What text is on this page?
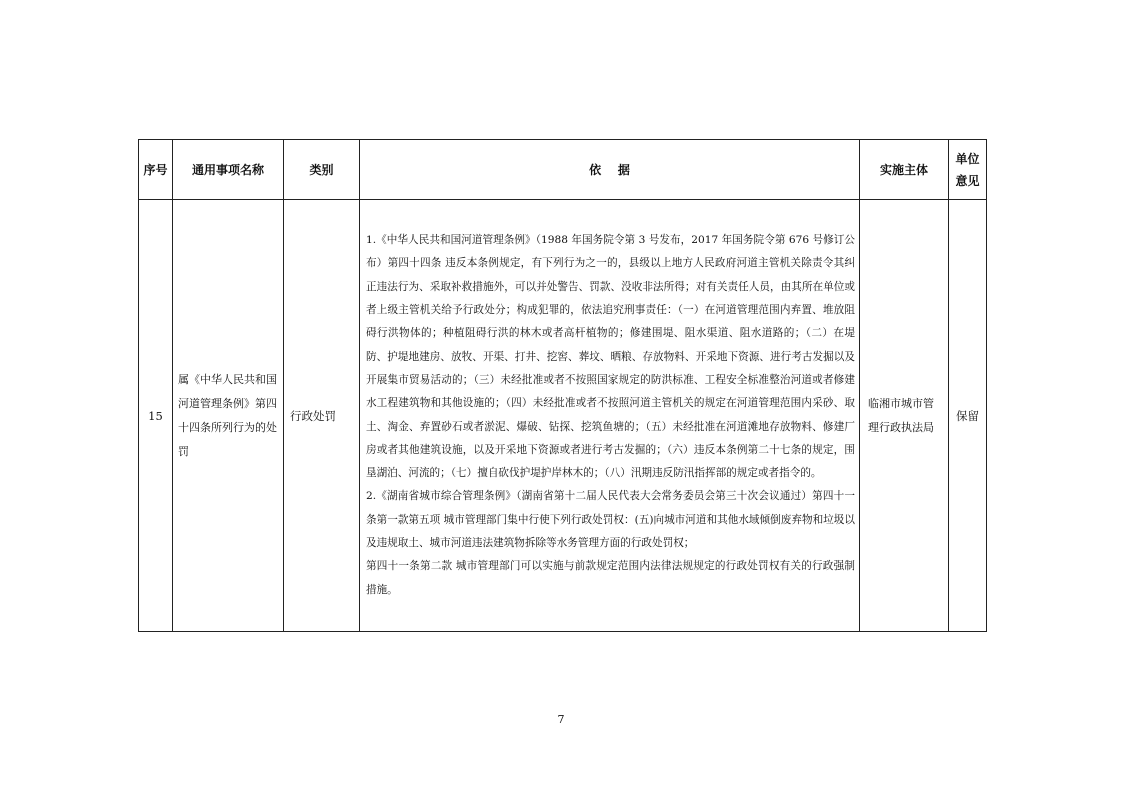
序号	通用事项名称	类别	依    据	实施主体	单位
意见

15	属《中华人民共和国河道管理条例》第四十四条所列行为的处罚	行政处罚	1.《中华人民共和国河道管理条例》（1988 年国务院令第 3 号发布，2017 年国务院令第 676 号修订公布）第四十四条 违反本条例规定，有下列行为之一的，县级以上地方人民政府河道主管机关除责令其纠正违法行为、采取补救措施外，可以并处警告、罚款、没收非法所得；对有关责任人员，由其所在单位或者上级主管机关给予行政处分；构成犯罪的，依法追究刑事责任：（一）在河道管理范围内弃置、堆放阻碍行洪物体的；种植阻碍行洪的林木或者高杆植物的；修建围堤、阻水渠道、阻水道路的；（二）在堤防、护堤地建房、放牧、开渠、打井、挖窖、葬坟、晒粮、存放物料、开采地下资源、进行考古发掘以及开展集市贸易活动的；（三）未经批准或者不按照国家规定的防洪标准、工程安全标准整治河道或者修建水工程建筑物和其他设施的；（四）未经批准或者不按照河道主管机关的规定在河道管理范围内采砂、取土、淘金、弃置砂石或者淤泥、爆破、钻探、挖筑鱼塘的；（五）未经批准在河道滩地存放物料、修建厂房或者其他建筑设施，以及开采地下资源或者进行考古发掘的；（六）违反本条例第二十七条的规定，围垦湖泊、河流的；（七）擅自砍伐护堤护岸林木的；（八）汛期违反防汛指挥部的规定或者指令的。

2.《湖南省城市综合管理条例》（湖南省第十二届人民代表大会常务委员会第三十次会议通过）第四十一条第一款第五项 城市管理部门集中行使下列行政处罚权：(五)向城市河道和其他水域倾倒废弃物和垃圾以及违规取土、城市河道违法建筑物拆除等水务管理方面的行政处罚权；

第四十一条第二款 城市管理部门可以实施与前款规定范围内法律法规规定的行政处罚权有关的行政强制措施。	临湘市城市管理行政执法局	保留
7
